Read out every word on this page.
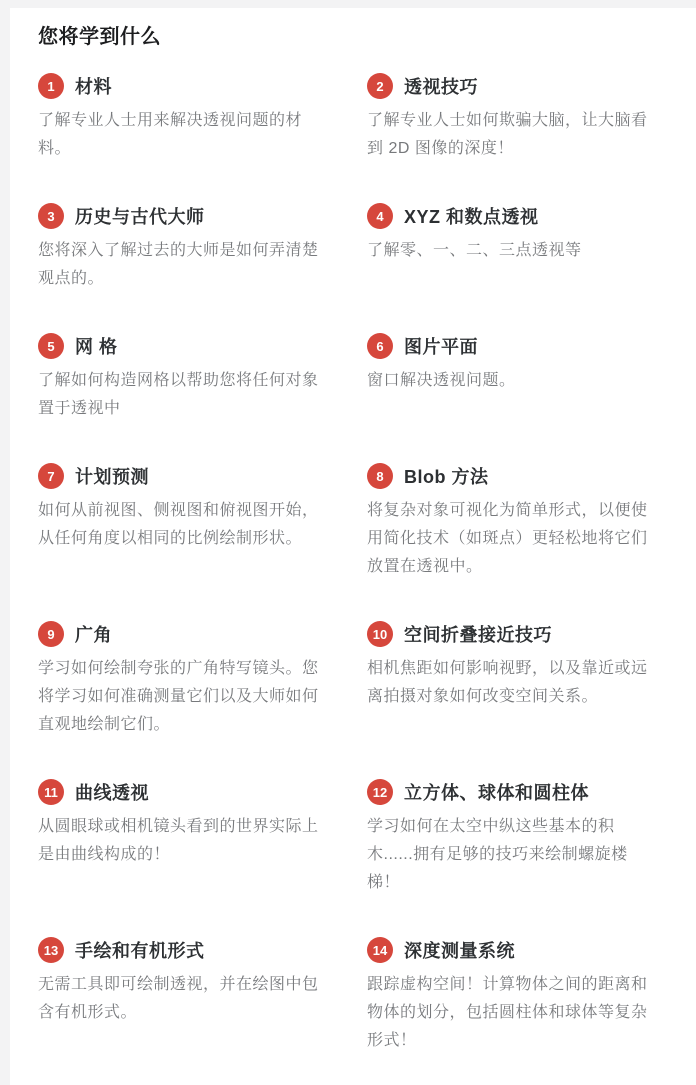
您将学到什么
1	材料
了解专业人士用来解决透视问题的材料。
2	透视技巧
了解专业人士如何欺骗大脑，让大脑看到 2D 图像的深度！
3	历史与古代大师
您将深入了解过去的大师是如何弄清楚观点的。
4	XYZ 和数点透视
了解零、一、二、三点透视等
5	网 格
了解如何构造网格以帮助您将任何对象置于透视中
6	图片平面
窗口解决透视问题。
7	计划预测
如何从前视图、侧视图和俯视图开始，从任何角度以相同的比例绘制形状。
8	Blob 方法
将复杂对象可视化为简单形式，以便使用简化技术（如斑点）更轻松地将它们放置在透视中。
9	广角
学习如何绘制夸张的广角特写镜头。您将学习如何准确测量它们以及大师如何直观地绘制它们。
10 空间折叠接近技巧
相机焦距如何影响视野，以及靠近或远离拍摄对象如何改变空间关系。
11 曲线透视
从圆眼球或相机镜头看到的世界实际上是由曲线构成的！
12 立方体、球体和圆柱体
学习如何在太空中纵这些基本的积木......拥有足够的技巧来绘制螺旋楼梯！
13 手绘和有机形式
无需工具即可绘制透视，并在绘图中包含有机形式。
14 深度测量系统
跟踪虚构空间！计算物体之间的距离和物体的划分，包括圆柱体和球体等复杂形式！
